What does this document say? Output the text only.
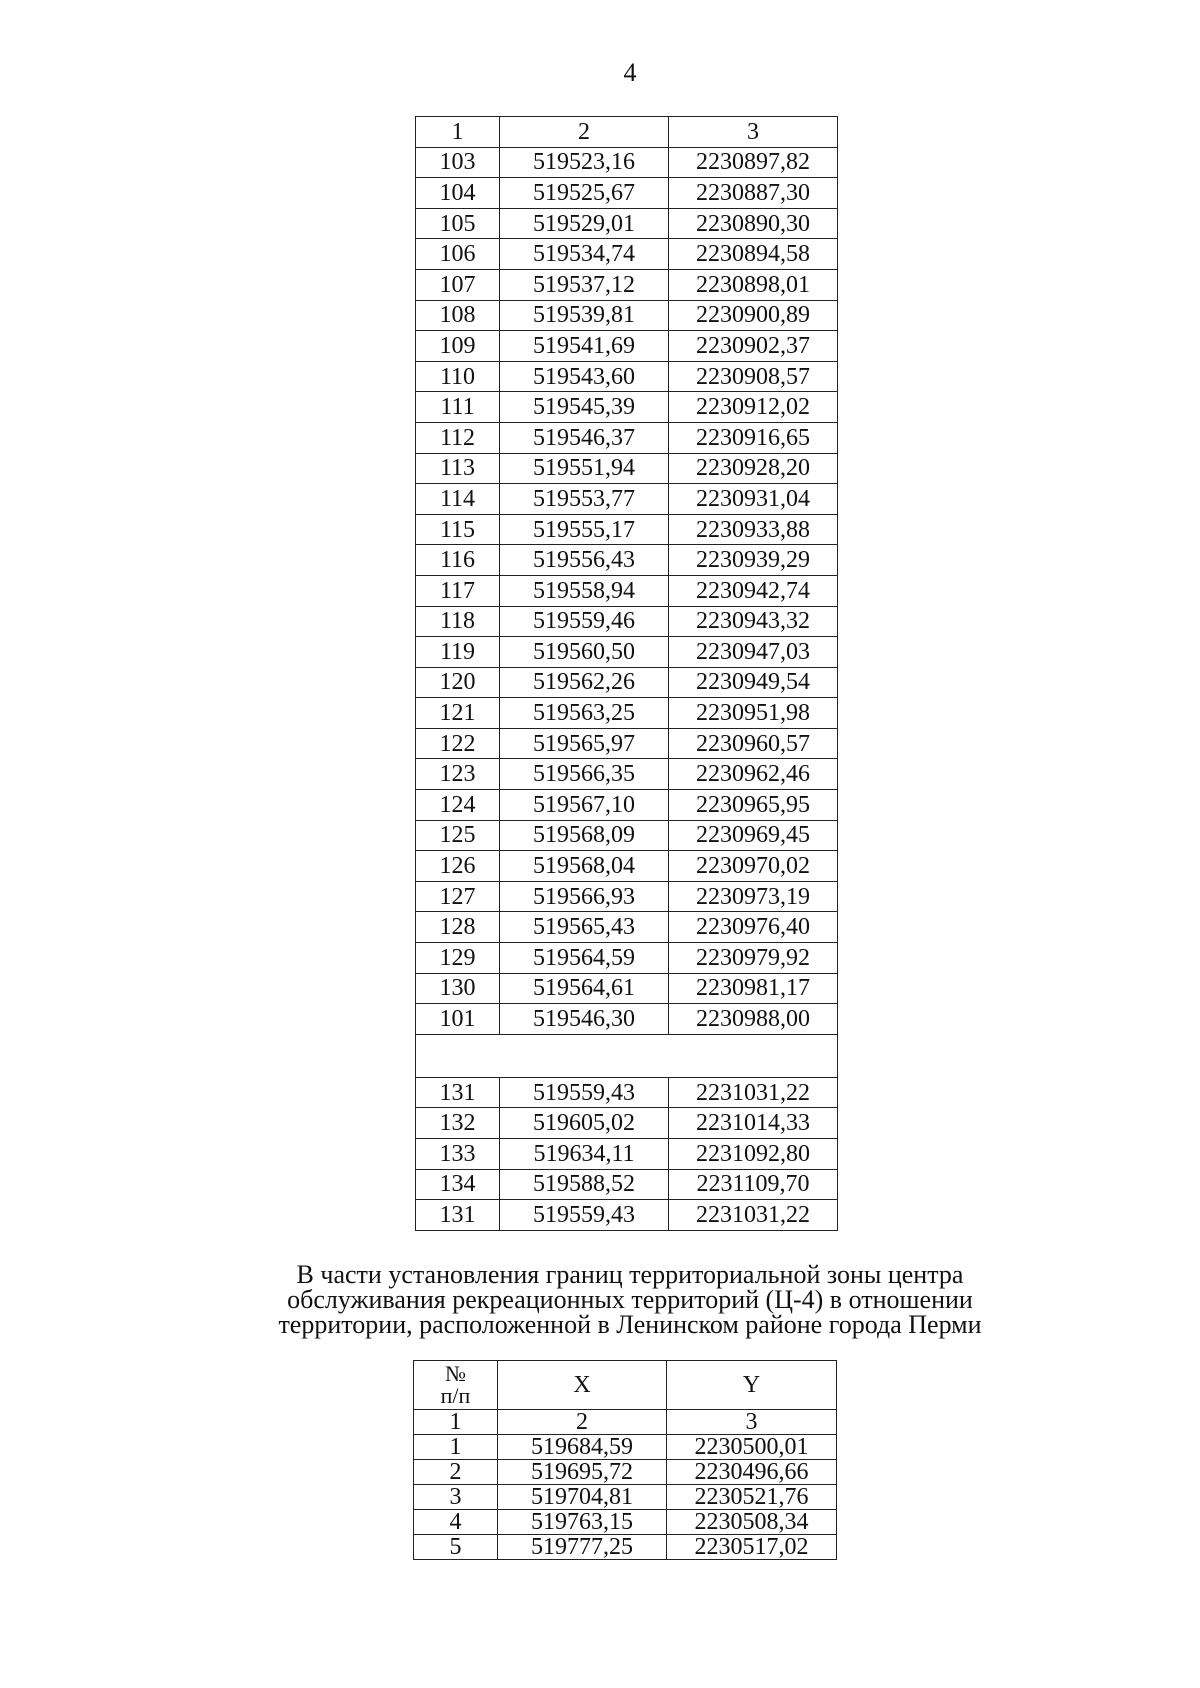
4
1	2	3
103	519523,16	2230897,82
104	519525,67	2230887,30
105	519529,01	2230890,30
106	519534,74	2230894,58
107	519537,12	2230898,01
108	519539,81	2230900,89
109	519541,69	2230902,37
110	519543,60	2230908,57
111	519545,39	2230912,02
112	519546,37	2230916,65
113	519551,94	2230928,20
114	519553,77	2230931,04
115	519555,17	2230933,88
116	519556,43	2230939,29
117	519558,94	2230942,74
118	519559,46	2230943,32
119	519560,50	2230947,03
120	519562,26	2230949,54
121	519563,25	2230951,98
122	519565,97	2230960,57
123	519566,35	2230962,46
124	519567,10	2230965,95
125	519568,09	2230969,45
126	519568,04	2230970,02
127	519566,93	2230973,19
128	519565,43	2230976,40
129	519564,59	2230979,92
130	519564,61	2230981,17
101	519546,30	2230988,00

131	519559,43	2231031,22
132	519605,02	2231014,33
133	519634,11	2231092,80
134	519588,52	2231109,70
131	519559,43	2231031,22
В части установления границ территориальной зоны центра
обслуживания рекреационных территорий (Ц-4) в отношении
территории, расположенной в Ленинском районе города Перми
№
п/п	X	Y
1	2	3
1	519684,59	2230500,01
2	519695,72	2230496,66
3	519704,81	2230521,76
4	519763,15	2230508,34
5	519777,25	2230517,02
